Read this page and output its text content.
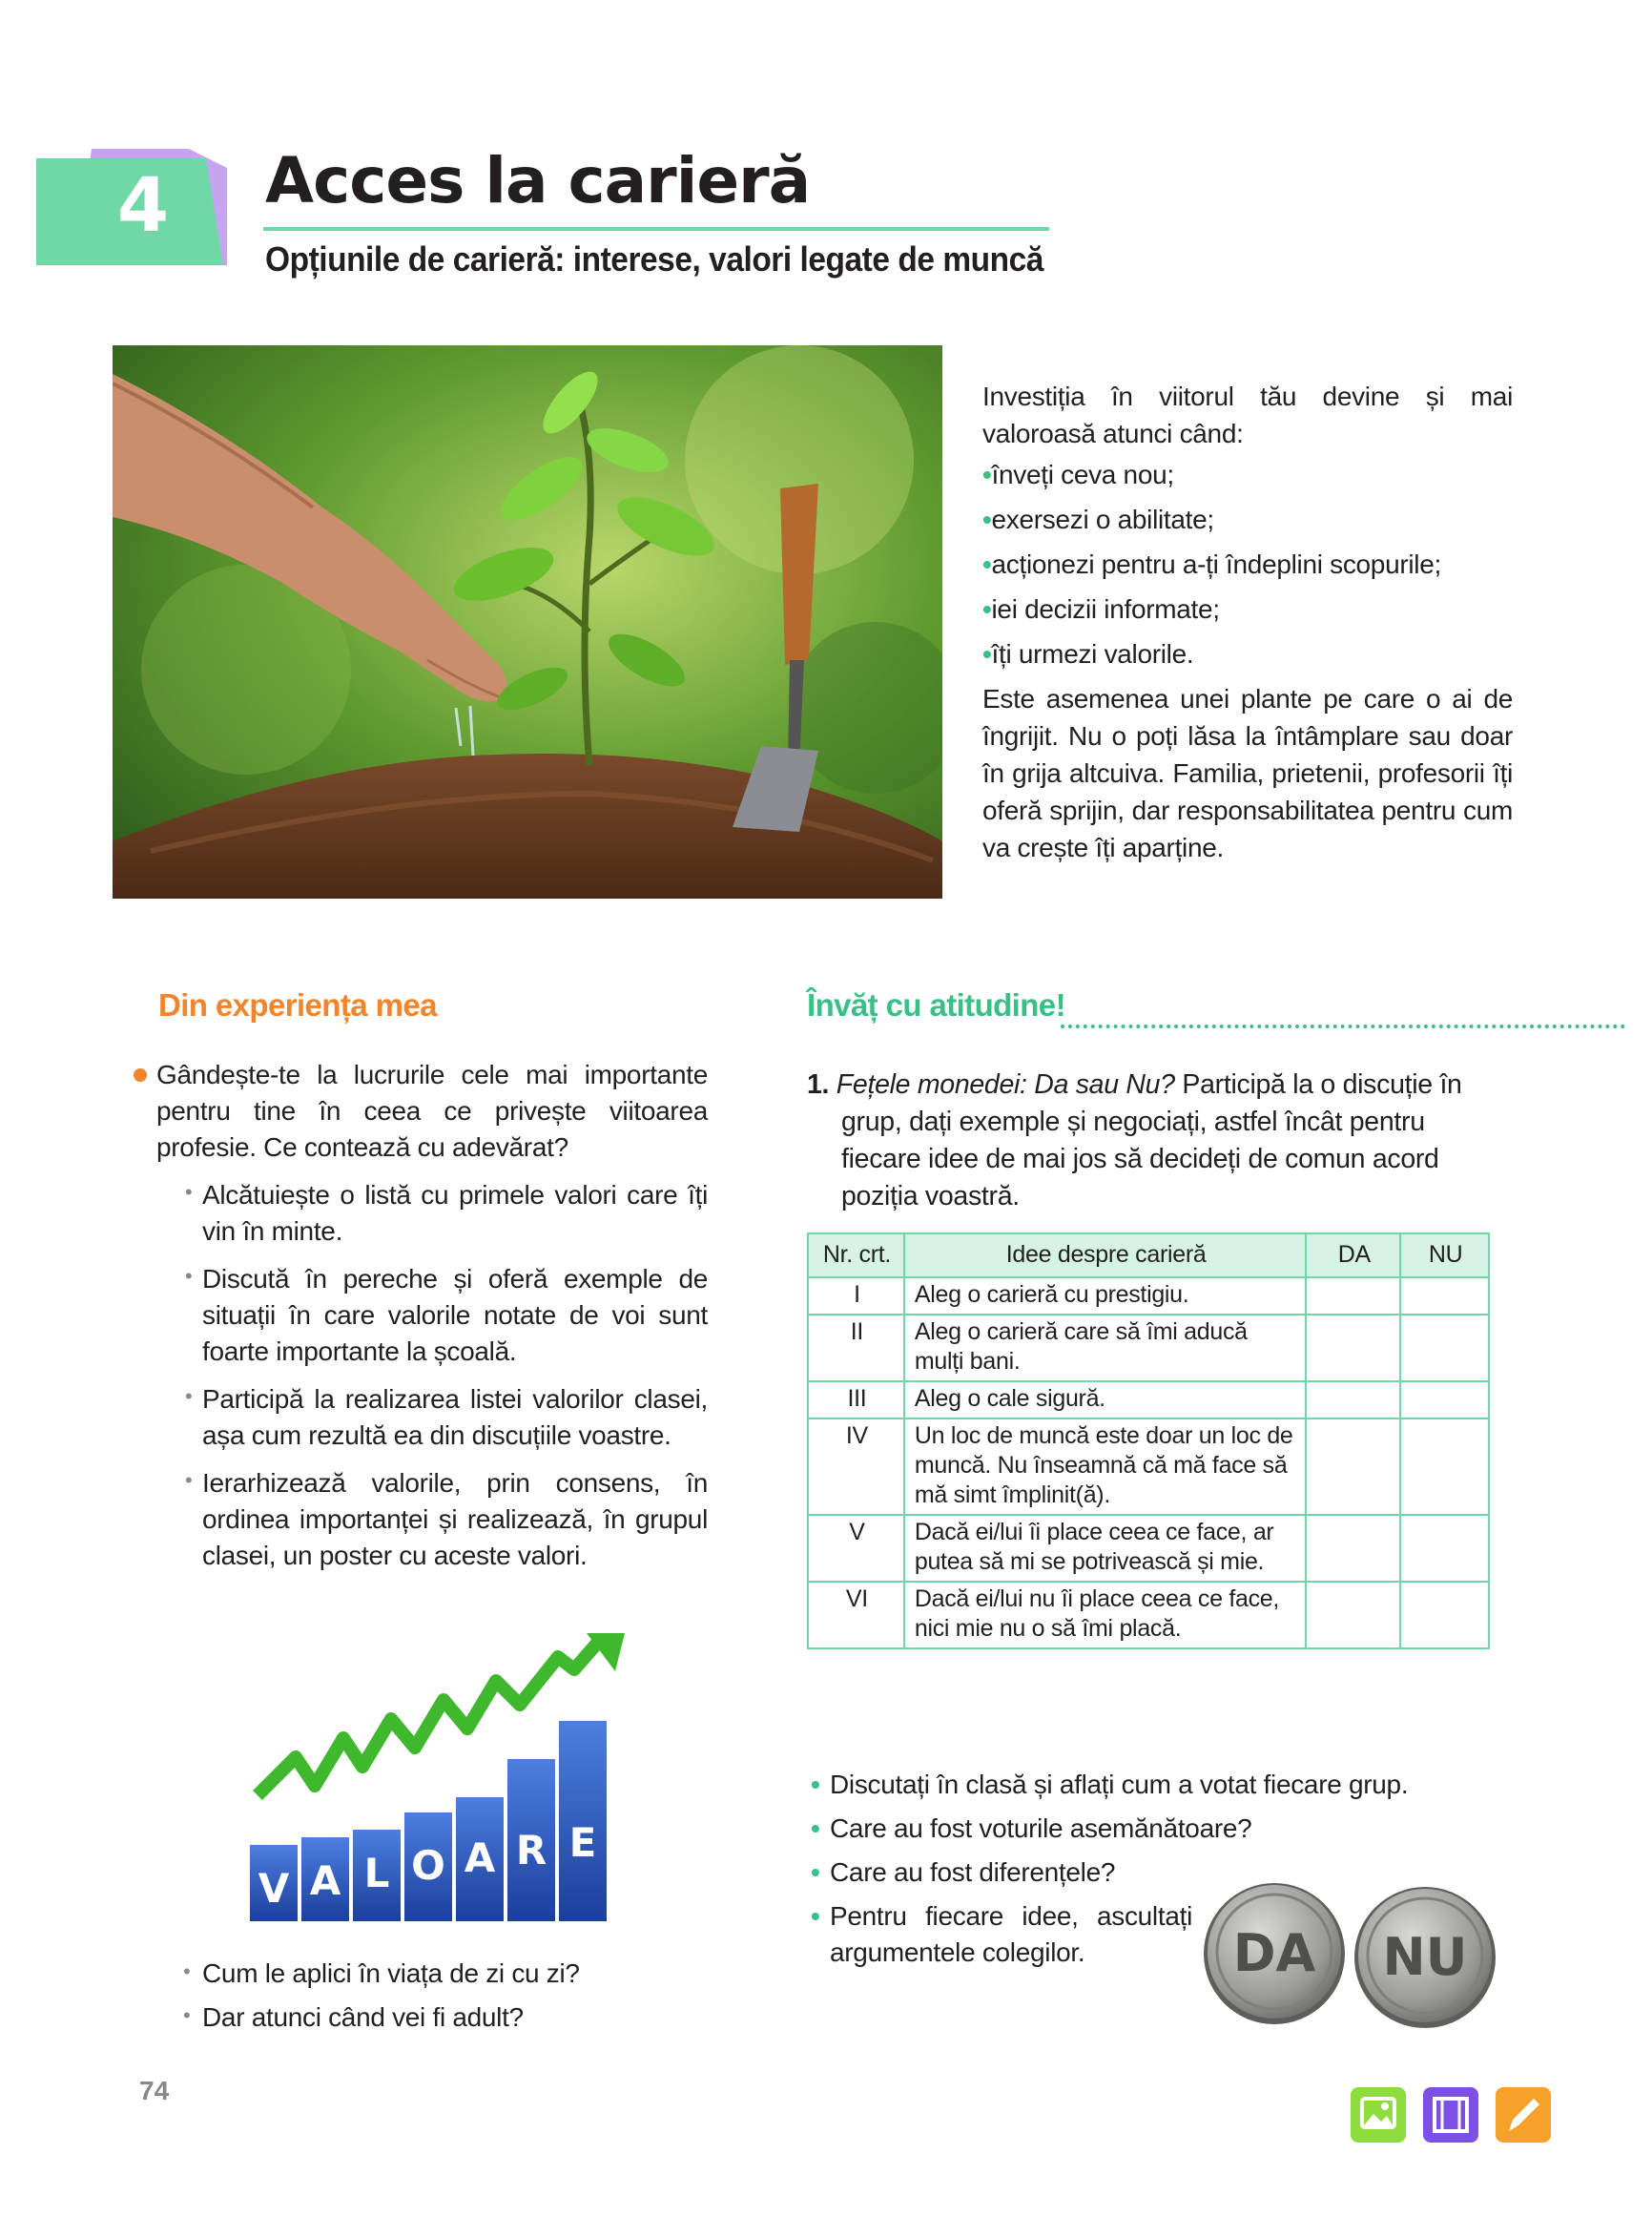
4	Acces la carieră
Opțiunile de carieră: interese, valori legate de muncă

Investiția în viitorul tău devine și mai valoroasă atunci când:

•înveți ceva nou;
•exersezi o abilitate;
•acționezi pentru a-ți îndeplini scopurile;
•iei decizii informate;
•îți urmezi valorile.

Este asemenea unei plante pe care o ai de îngrijit. Nu o poți lăsa la întâmplare sau doar în grija altcuiva. Familia, prietenii, profesorii îți oferă sprijin, dar responsabilitatea pentru cum va crește îți aparține.

Din experiența mea

Gândește-te la lucrurile cele mai importante pentru tine în ceea ce privește viitoarea profesie. Ce contează cu adevărat?

• Alcătuiește o listă cu primele valori care îți vin în minte.
• Discută în pereche și oferă exemple de situații în care valorile notate de voi sunt foarte importante la școală.
• Participă la realizarea listei valorilor clasei, așa cum rezultă ea din discuțiile voastre.
• Ierarhizează valorile, prin consens, în ordinea importanței și realizează, în grupul clasei, un poster cu aceste valori.
V A L O A R E
• Cum le aplici în viața de zi cu zi?
• Dar atunci când vei fi adult?
Învăț cu atitudine!
1. Fețele monedei: Da sau Nu? Participă la o discuție în grup, dați exemple și negociați, astfel încât pentru fiecare idee de mai jos să decideți de comun acord poziția voastră.
Nr. crt.	Idee despre carieră	DA	NU
I	Aleg o carieră cu prestigiu.		
II	Aleg o carieră care să îmi aducă mulți bani.		
III	Aleg o cale sigură.		
IV	Un loc de muncă este doar un loc de muncă. Nu înseamnă că mă face să mă simt împlinit(ă).		
V	Dacă ei/lui îi place ceea ce face, ar putea să mi se potrivească și mie.		
VI	Dacă ei/lui nu îi place ceea ce face, nici mie nu o să îmi placă.		
• Discutați în clasă și aflați cum a votat fiecare grup.
• Care au fost voturile asemănătoare?
• Care au fost diferențele?
• Pentru fiecare idee, ascultați argumentele colegilor.	DA NU
74
